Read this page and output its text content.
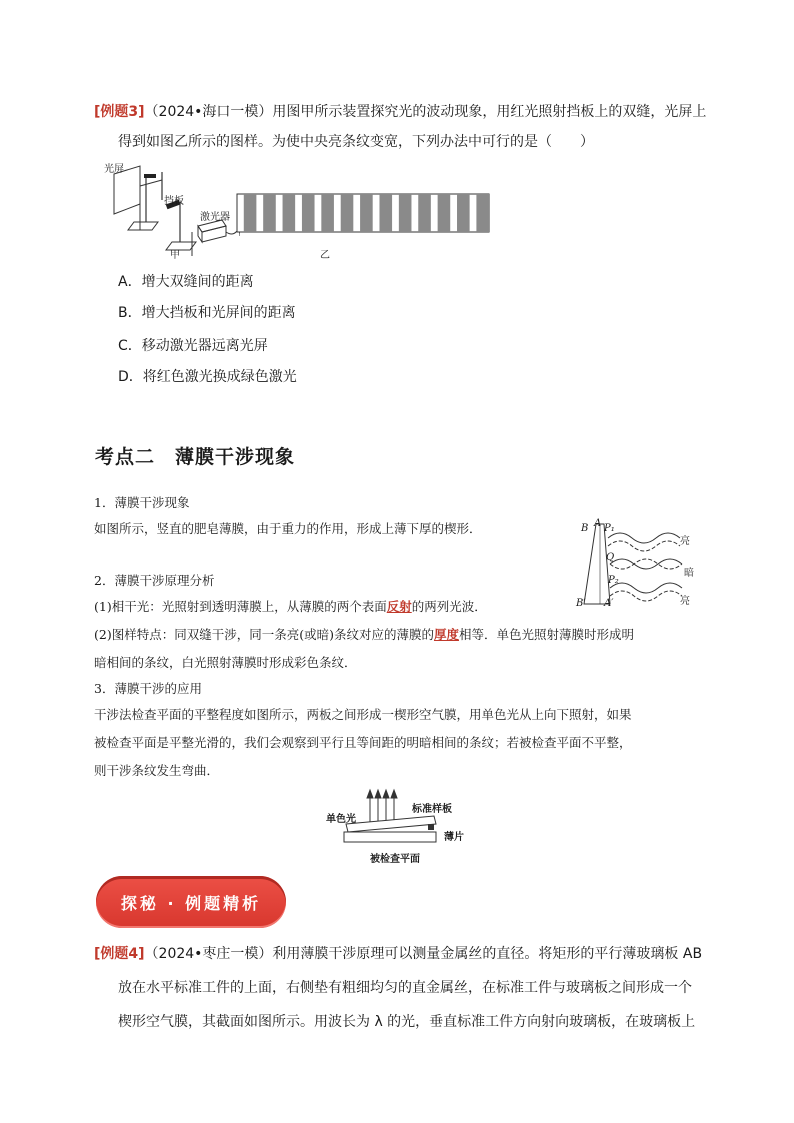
[例题3]（2024•海口一模）用图甲所示装置探究光的波动现象，用红光照射挡板上的双缝，光屏上
得到如图乙所示的图样。为使中央亮条纹变宽，下列办法中可行的是（　　）
光屏
挡板
激光器
甲	乙
A．增大双缝间的距离
B．增大挡板和光屏间的距离
C．移动激光器远离光屏
D．将红色激光换成绿色激光
考点二　薄膜干涉现象
1．薄膜干涉现象
如图所示，竖直的肥皂薄膜，由于重力的作用，形成上薄下厚的楔形．
2．薄膜干涉原理分析
(1)相干光：光照射到透明薄膜上，从薄膜的两个表面反射的两列光波．
(2)图样特点：同双缝干涉，同一条亮(或暗)条纹对应的薄膜的厚度相等．单色光照射薄膜时形成明
暗相间的条纹，白光照射薄膜时形成彩色条纹．
3．薄膜干涉的应用
干涉法检查平面的平整程度如图所示，两板之间形成一楔形空气膜，用单色光从上向下照射，如果
被检查平面是平整光滑的，我们会观察到平行且等间距的明暗相间的条纹；若被检查平面不平整，
则干涉条纹发生弯曲．
B A P₁
Q
P₂
B′ A′
亮
暗
亮
单色光
标准样板
薄片
被检查平面
探秘 · 例题精析
[例题4]（2024•枣庄一模）利用薄膜干涉原理可以测量金属丝的直径。将矩形的平行薄玻璃板 AB
放在水平标准工件的上面，右侧垫有粗细均匀的直金属丝，在标准工件与玻璃板之间形成一个
楔形空气膜，其截面如图所示。用波长为 λ 的光，垂直标准工件方向射向玻璃板，在玻璃板上
